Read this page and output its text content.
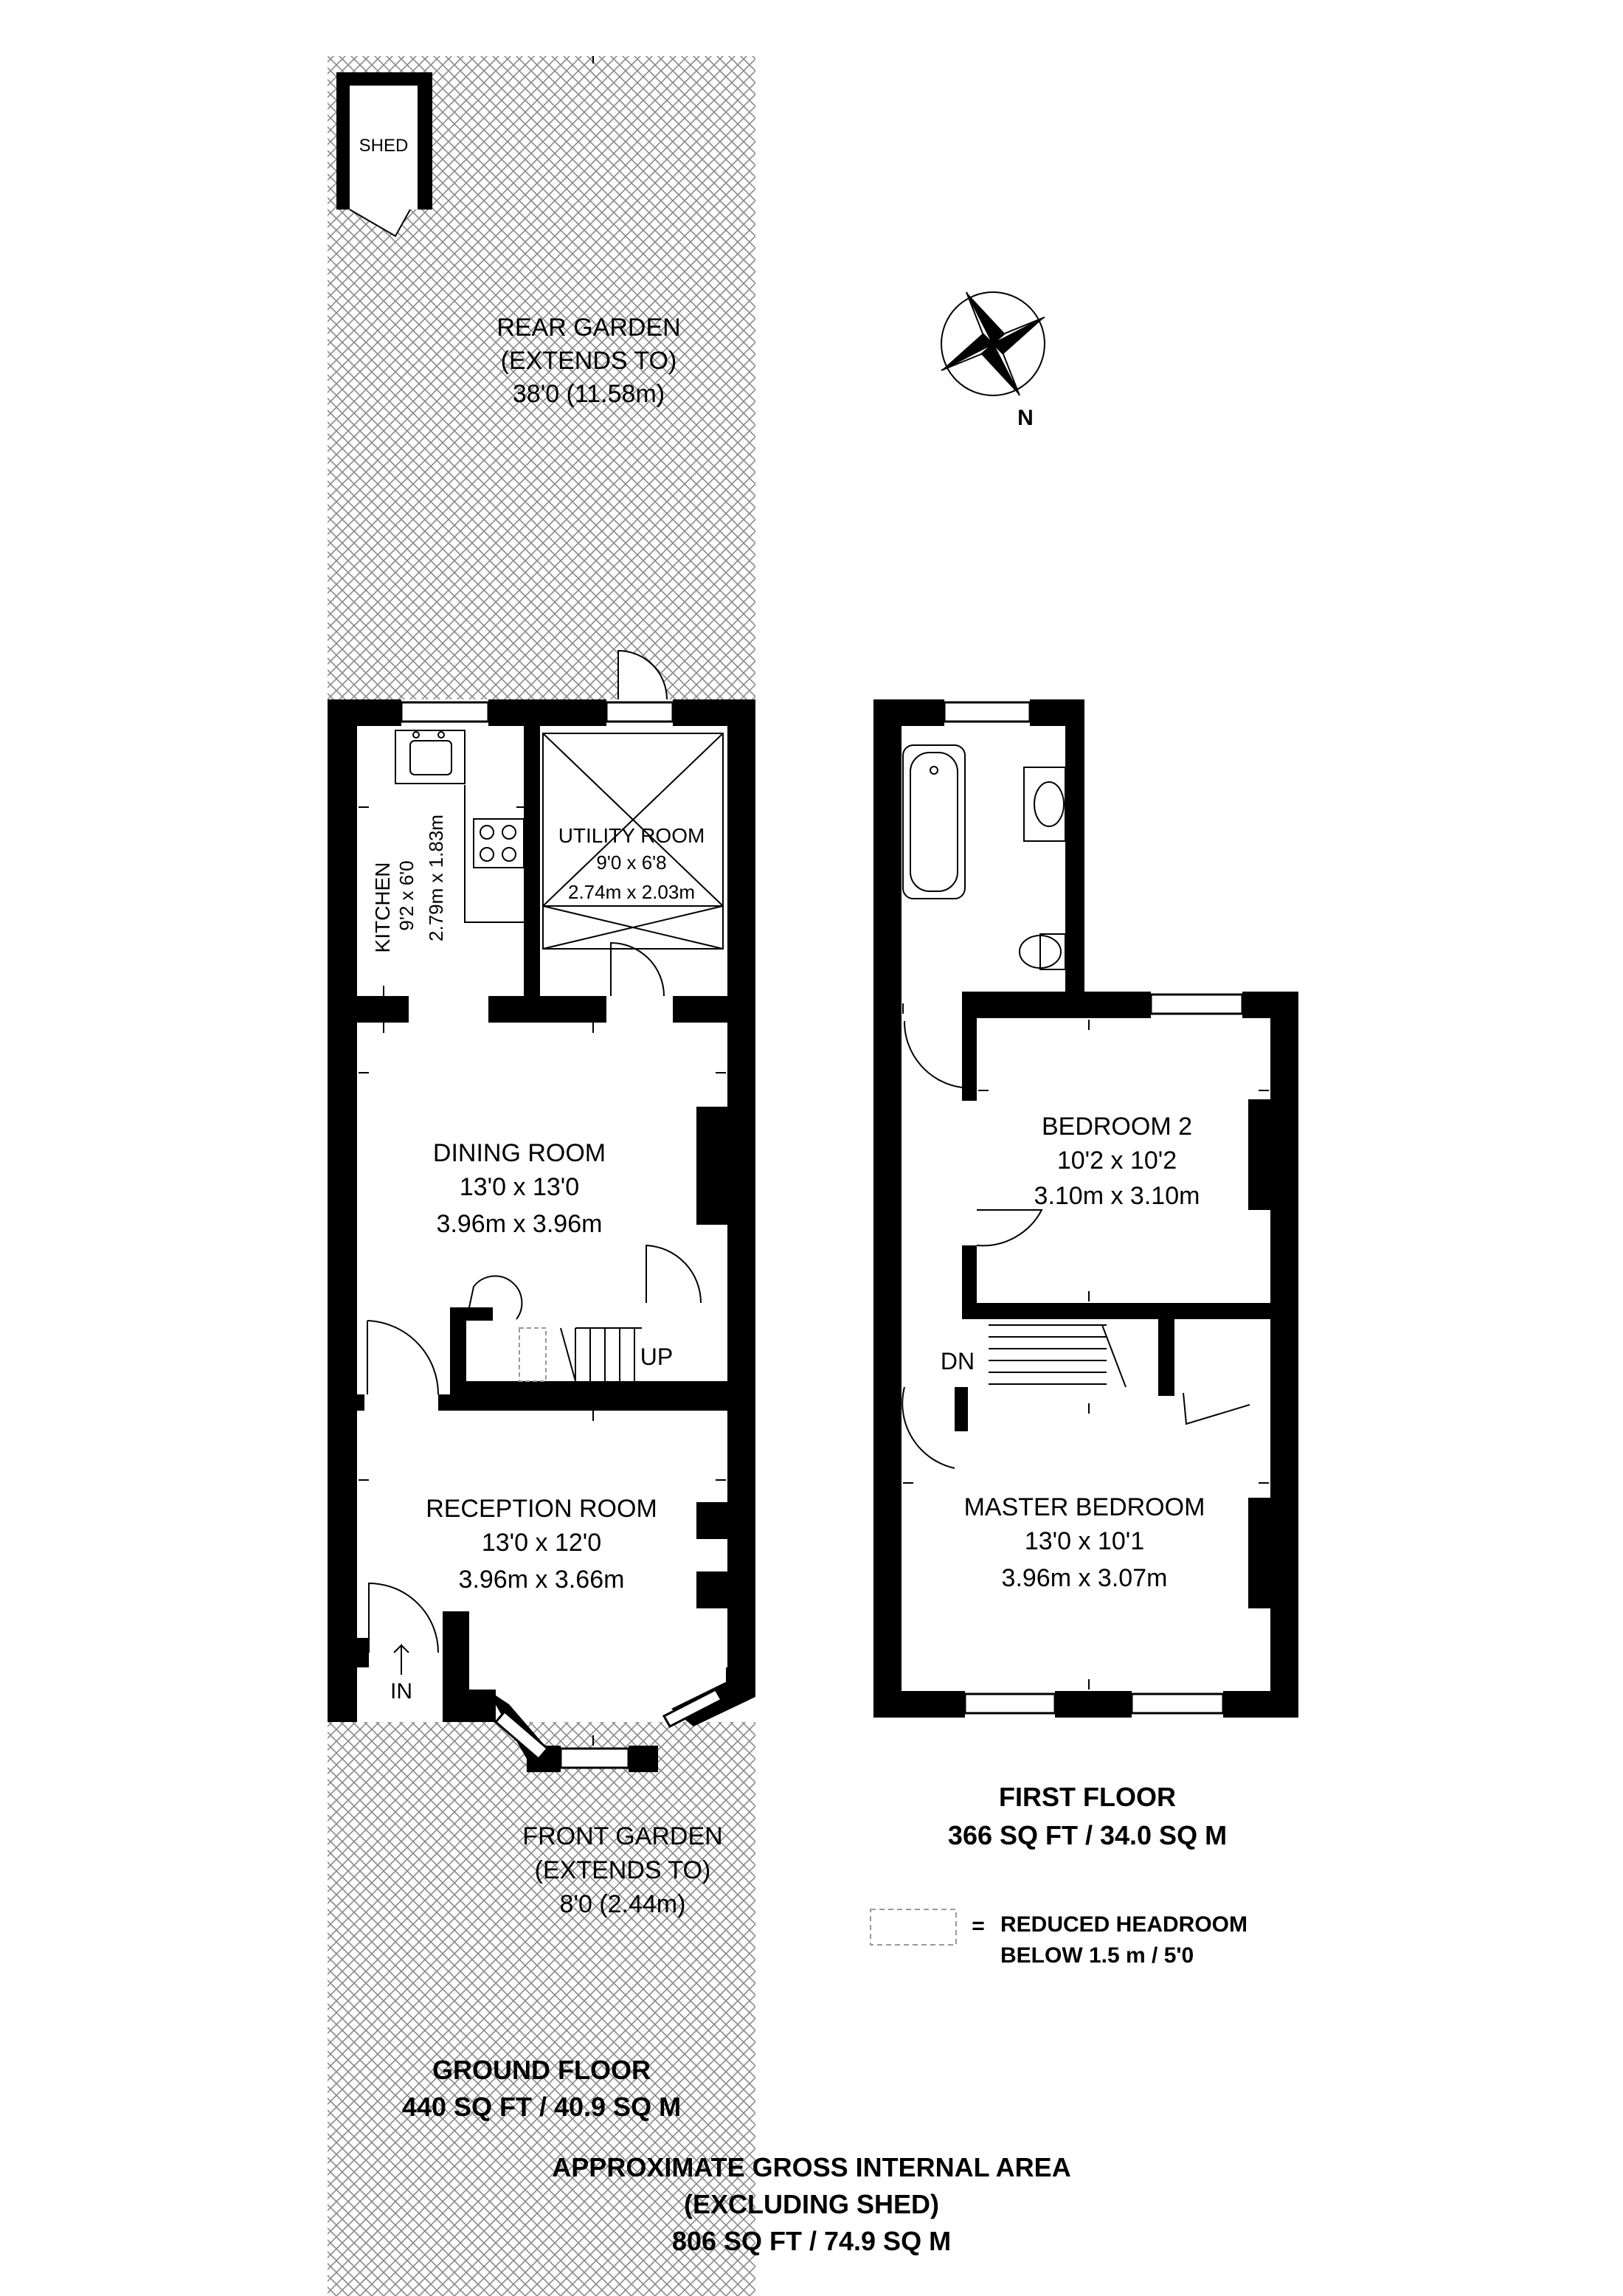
SHED
REAR GARDEN
(EXTENDS TO)
38'0 (11.58m)
KITCHEN 9'2 x 6'0 2.79m x 1.83m	UTILITY ROOM
9'0 x 6'8
2.74m x 2.03m
DINING ROOM
13'0 x 13'0
3.96m x 3.96m
UP
RECEPTION ROOM
13'0 x 12'0
3.96m x 3.66m
IN
FRONT GARDEN
(EXTENDS TO)
8'0 (2.44m)
BEDROOM 2
10'2 x 10'2
3.10m x 3.10m
DN
MASTER BEDROOM
13'0 x 10'1
3.96m x 3.07m
N
FIRST FLOOR
366 SQ FT / 34.0 SQ M
= REDUCED HEADROOM
BELOW 1.5 m / 5'0
GROUND FLOOR
440 SQ FT / 40.9 SQ M
APPROXIMATE GROSS INTERNAL AREA
(EXCLUDING SHED)
806 SQ FT / 74.9 SQ M
